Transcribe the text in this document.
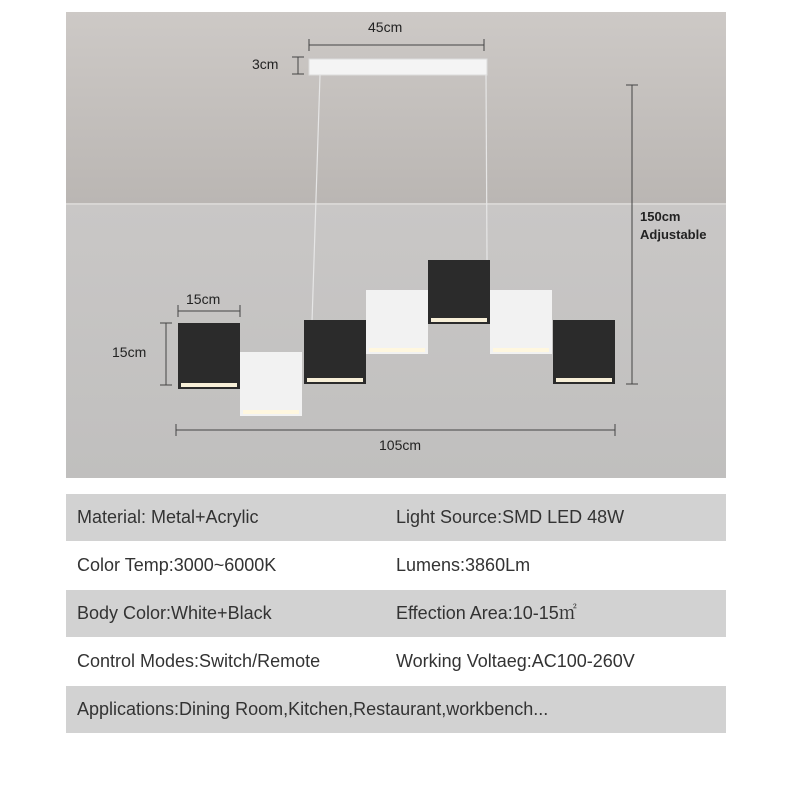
45cm
3cm
150cm
Adjustable
15cm
15cm
105cm
Material: Metal+Acrylic	Light Source:SMD LED 48W
Color Temp:3000~6000K	Lumens:3860Lm
Body Color:White+Black	Effection Area:10-15㎡
Control Modes:Switch/Remote	Working Voltaeg:AC100-260V
Applications:Dining Room,Kitchen,Restaurant,workbench...
